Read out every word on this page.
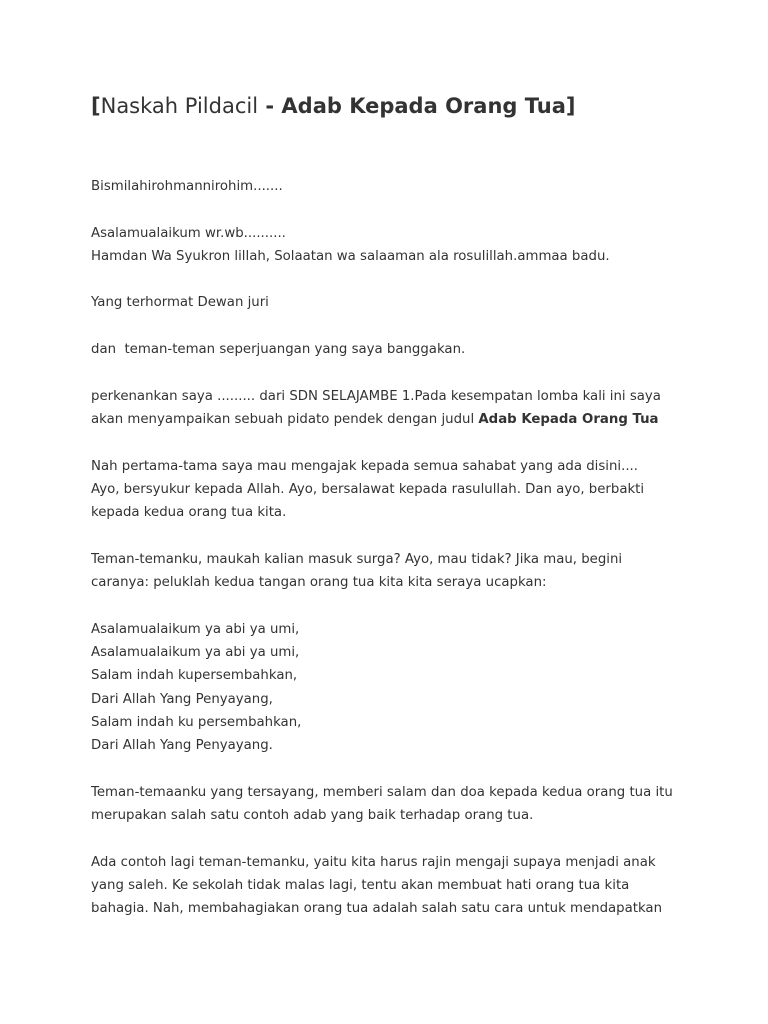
[Naskah Pildacil - Adab Kepada Orang Tua]
Bismilahirohmannirohim.......
Asalamualaikum wr.wb..........
Hamdan Wa Syukron lillah, Solaatan wa salaaman ala rosulillah.ammaa badu.
Yang terhormat Dewan juri
dan  teman-teman seperjuangan yang saya banggakan.
perkenankan saya ......... dari SDN SELAJAMBE 1.Pada kesempatan lomba kali ini saya
akan menyampaikan sebuah pidato pendek dengan judul Adab Kepada Orang Tua
Nah pertama-tama saya mau mengajak kepada semua sahabat yang ada disini....
Ayo, bersyukur kepada Allah. Ayo, bersalawat kepada rasulullah. Dan ayo, berbakti
kepada kedua orang tua kita.
Teman-temanku, maukah kalian masuk surga? Ayo, mau tidak? Jika mau, begini
caranya: peluklah kedua tangan orang tua kita kita seraya ucapkan:
Asalamualaikum ya abi ya umi,
Asalamualaikum ya abi ya umi,
Salam indah kupersembahkan,
Dari Allah Yang Penyayang,
Salam indah ku persembahkan,
Dari Allah Yang Penyayang.
Teman-temaanku yang tersayang, memberi salam dan doa kepada kedua orang tua itu
merupakan salah satu contoh adab yang baik terhadap orang tua.
Ada contoh lagi teman-temanku, yaitu kita harus rajin mengaji supaya menjadi anak
yang saleh. Ke sekolah tidak malas lagi, tentu akan membuat hati orang tua kita
bahagia. Nah, membahagiakan orang tua adalah salah satu cara untuk mendapatkan
